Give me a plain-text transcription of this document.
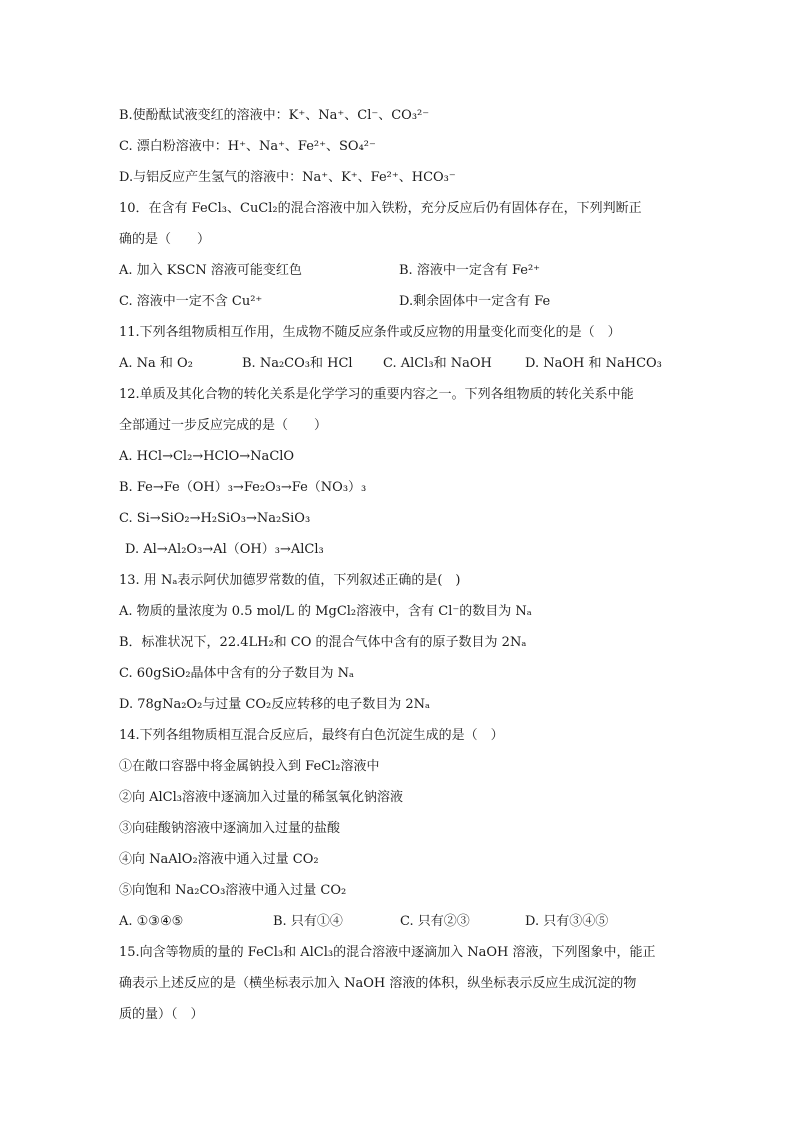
B.使酚酞试液变红的溶液中：K⁺、Na⁺、Cl⁻、CO₃²⁻
C. 漂白粉溶液中：H⁺、Na⁺、Fe²⁺、SO₄²⁻
D.与铝反应产生氢气的溶液中：Na⁺、K⁺、Fe²⁺、HCO₃⁻
10．在含有 FeCl₃、CuCl₂的混合溶液中加入铁粉，充分反应后仍有固体存在，下列判断正
确的是（　　）
A. 加入 KSCN 溶液可能变红色	B. 溶液中一定含有 Fe²⁺
C. 溶液中一定不含 Cu²⁺	D.剩余固体中一定含有 Fe
11.下列各组物质相互作用，生成物不随反应条件或反应物的用量变化而变化的是（　）
A. Na 和 O₂	B. Na₂CO₃和 HCl	C. AlCl₃和 NaOH	D. NaOH 和 NaHCO₃
12.单质及其化合物的转化关系是化学学习的重要内容之一。下列各组物质的转化关系中能
全部通过一步反应完成的是（　　）
A. HCl→Cl₂→HClO→NaClO
B. Fe→Fe（OH）₃→Fe₂O₃→Fe（NO₃）₃
C. Si→SiO₂→H₂SiO₃→Na₂SiO₃
D. Al→Al₂O₃→Al（OH）₃→AlCl₃
13. 用 Nₐ表示阿伏加德罗常数的值，下列叙述正确的是(　)
A. 物质的量浓度为 0.5 mol/L 的 MgCl₂溶液中，含有 Cl⁻的数目为 Nₐ
B．标准状况下，22.4LH₂和 CO 的混合气体中含有的原子数目为 2Nₐ
C. 60gSiO₂晶体中含有的分子数目为 Nₐ
D. 78gNa₂O₂与过量 CO₂反应转移的电子数目为 2Nₐ
14.下列各组物质相互混合反应后，最终有白色沉淀生成的是（　）
①在敞口容器中将金属钠投入到 FeCl₂溶液中
②向 AlCl₃溶液中逐滴加入过量的稀氢氧化钠溶液
③向硅酸钠溶液中逐滴加入过量的盐酸
④向 NaAlO₂溶液中通入过量 CO₂
⑤向饱和 Na₂CO₃溶液中通入过量 CO₂
A. ①③④⑤	B. 只有①④	C. 只有②③	D. 只有③④⑤
15.向含等物质的量的 FeCl₃和 AlCl₃的混合溶液中逐滴加入 NaOH 溶液，下列图象中，能正
确表示上述反应的是（横坐标表示加入 NaOH 溶液的体积，纵坐标表示反应生成沉淀的物
质的量）（　）
